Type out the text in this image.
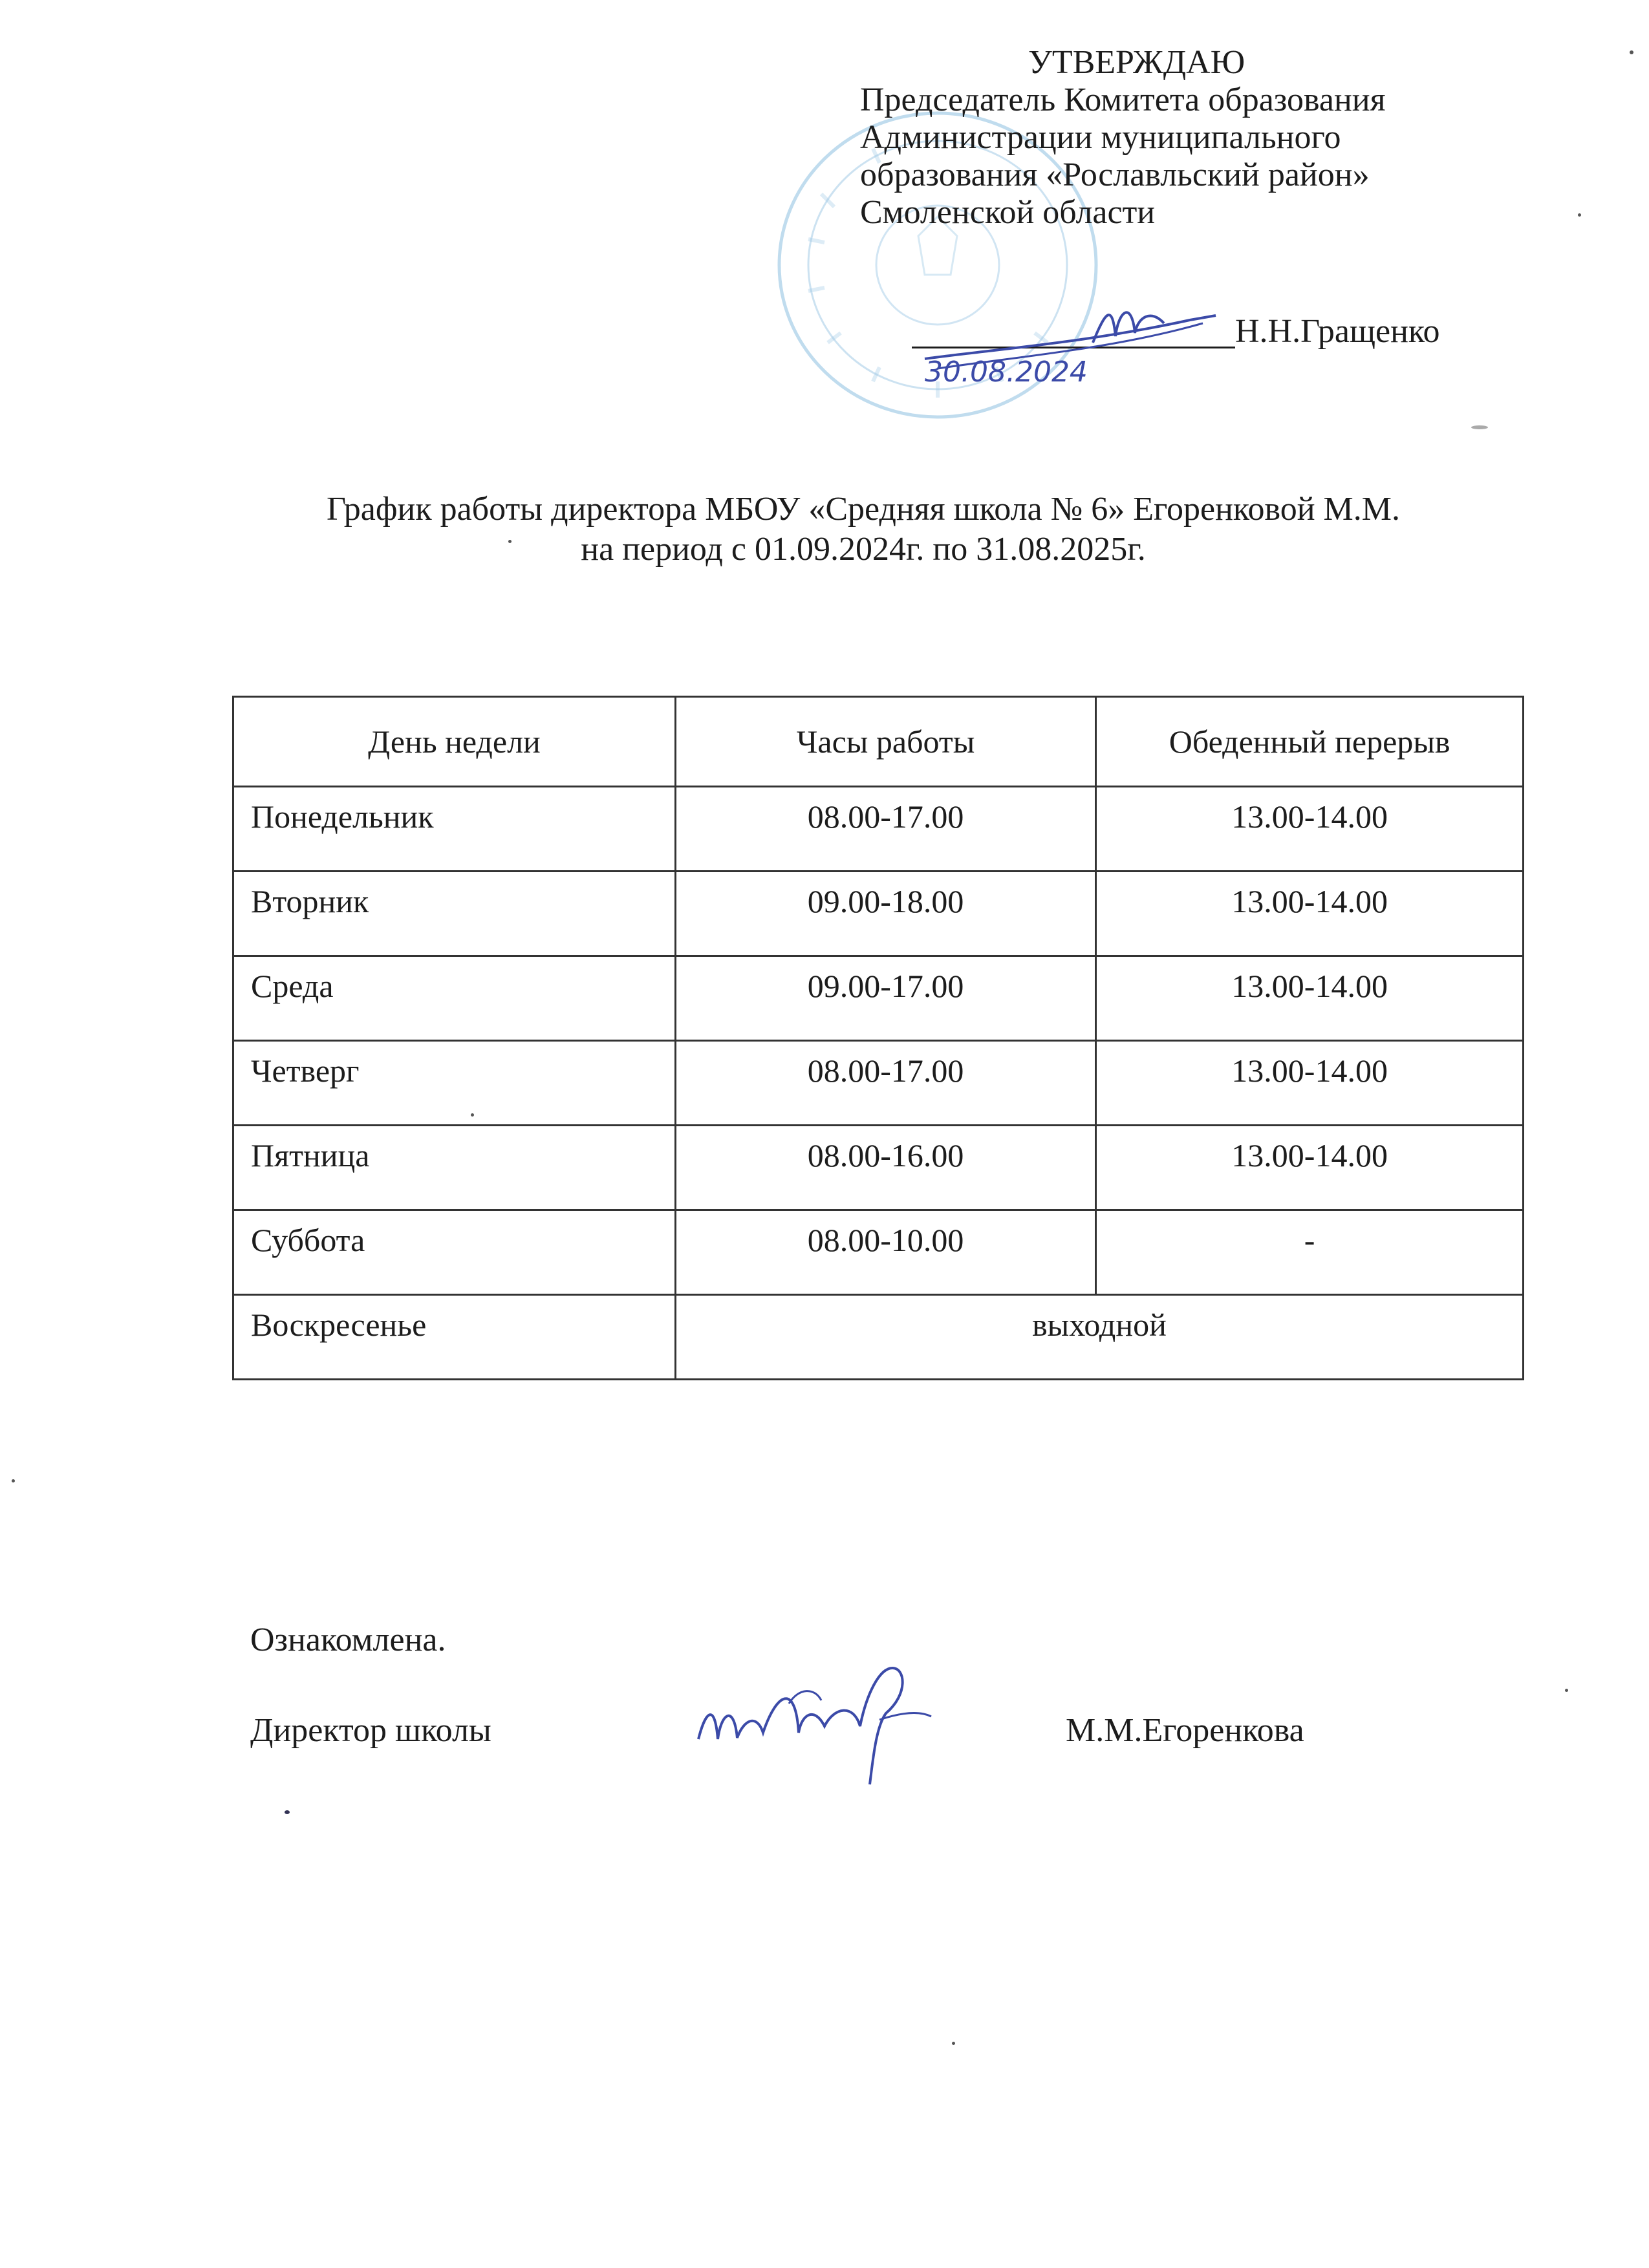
УТВЕРЖДАЮ
Председатель Комитета образования
Администрации муниципального
образования «Рославльский район»
Смоленской области
Н.Н.Гращенко
30.08.2024
График работы директора МБОУ «Средняя школа № 6» Егоренковой М.М.
на период с 01.09.2024г. по 31.08.2025г.
День недели	Часы работы	Обеденный перерыв
Понедельник	08.00-17.00	13.00-14.00
Вторник	09.00-18.00	13.00-14.00
Среда	09.00-17.00	13.00-14.00
Четверг	08.00-17.00	13.00-14.00
Пятница	08.00-16.00	13.00-14.00
Суббота	08.00-10.00	-
Воскресенье	выходной	
Ознакомлена.
Директор школы	М.М.Егоренкова
